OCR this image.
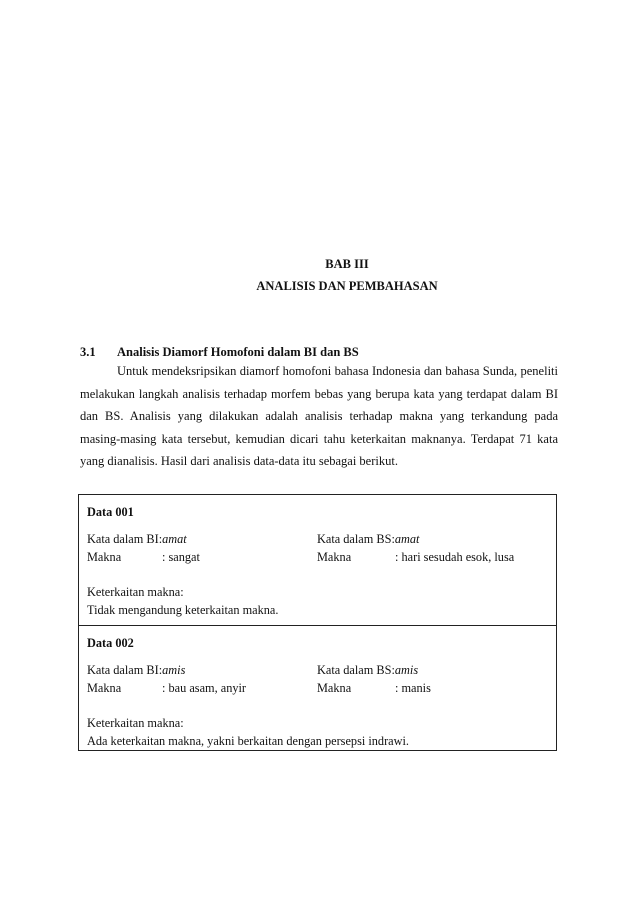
BAB III
ANALISIS DAN PEMBAHASAN
3.1 Analisis Diamorf Homofoni dalam BI dan BS

Untuk mendeksripsikan diamorf homofoni bahasa Indonesia dan bahasa Sunda, peneliti melakukan langkah analisis terhadap morfem bebas yang berupa kata yang terdapat dalam BI dan BS. Analisis yang dilakukan adalah analisis terhadap makna yang terkandung pada masing-masing kata tersebut, kemudian dicari tahu keterkaitan maknanya. Terdapat 71 kata yang dianalisis. Hasil dari analisis data-data itu sebagai berikut.

Data 001
Kata dalam BI:amat	Kata dalam BS:amat
Makna	: sangat	Makna	: hari sesudah esok, lusa
Keterkaitan makna:
Tidak mengandung keterkaitan makna.
Data 002
Kata dalam BI:amis	Kata dalam BS:amis
Makna	: bau asam, anyir	Makna	: manis
Keterkaitan makna:
Ada keterkaitan makna, yakni berkaitan dengan persepsi indrawi.
